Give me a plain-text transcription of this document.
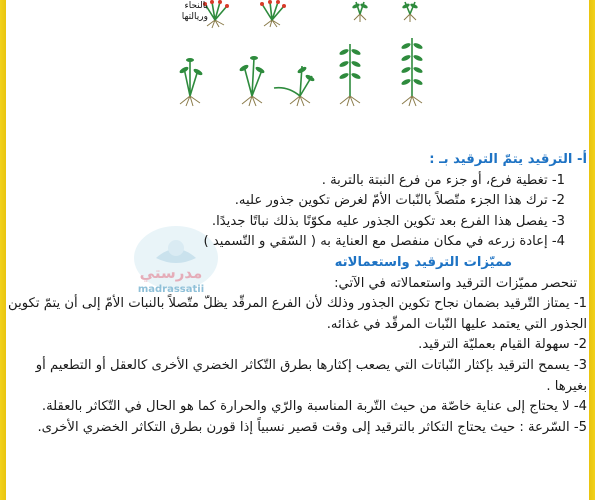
بالنحاء
وريالتها
مدرستي
madrassatii

أ- الترقيد يتمّ الترقيد بـ :

1- تغطية فرع، أو جزء من فرع النبتة بالتربة .

2- ترك هذا الجزء متّصلاً بالنّبات الأمّ لغرض تكوين جذور عليه.

3- يفصل هذا الفرع بعد تكوين الجذور عليه مكوّنًا بذلك نباتًا جديدًا.

4- إعادة زرعه في مكان منفصل مع العناية به ( السّقي و التّسميد )

مميّزات الترقيد واستعمالاته

تنحصر مميّزات الترقيد واستعمالاته في الآتي:

1- يمتاز التّرقيد بضمان نجاح تكوين الجذور وذلك لأن الفرع المرقّد يظلّ متّصلاً بالنبات الأمّ إلى أن يتمّ تكوين الجذور التي يعتمد عليها النّبات المرقّد في غذائه.

2- سهولة القيام بعمليّة الترقيد.

3- يسمح الترقيد بإكثار النّباتات التي يصعب إكثارها بطرق التّكاثر الخضري الأخرى كالعقل أو التطعيم أو بغيرها .

4- لا يحتاج إلى عناية خاصّة من حيث التّربة المناسبة والرّي والحرارة كما هو الحال في التّكاثر بالعقلة.

5- السّرعة : حيث يحتاج التكاثر بالترقيد إلى وقت قصير نسبياً إذا قورن بطرق التكاثر الخضري الأخرى.
